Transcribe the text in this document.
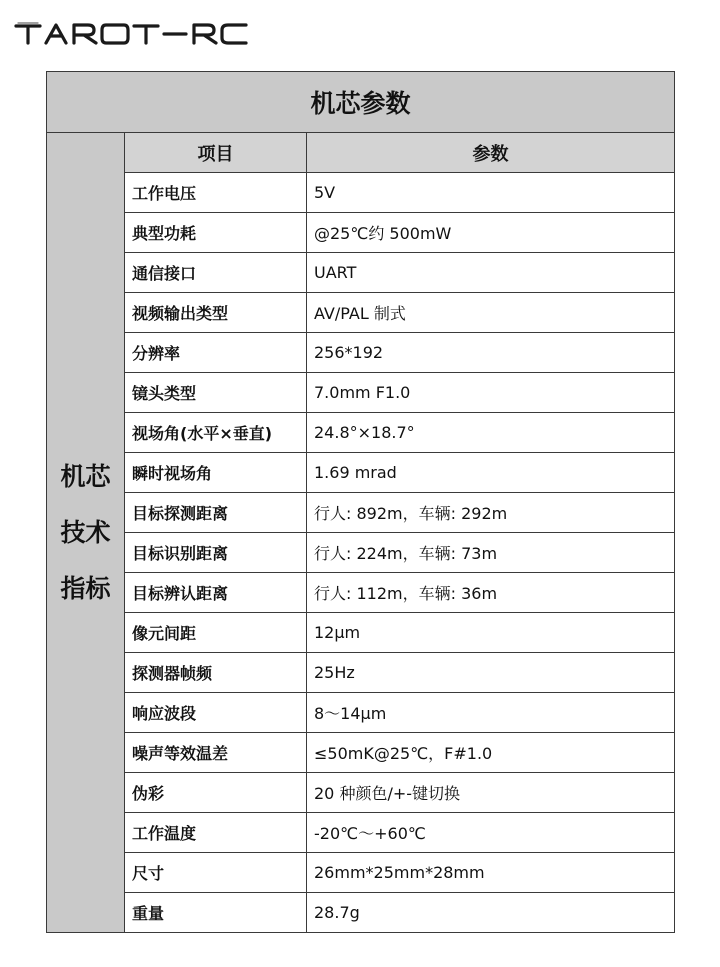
机芯参数		

机芯
技术
指标	项目	参数
	工作电压	5V
	典型功耗	@25℃约 500mW
	通信接口	UART
	视频输出类型	AV/PAL 制式
	分辨率	256*192
	镜头类型	7.0mm F1.0
	视场角(水平×垂直)	24.8°×18.7°
	瞬时视场角	1.69 mrad
	目标探测距离	行人: 892m，车辆: 292m
	目标识别距离	行人: 224m，车辆: 73m
	目标辨认距离	行人: 112m，车辆: 36m
	像元间距	12μm
	探测器帧频	25Hz
	响应波段	8～14μm
	噪声等效温差	≤50mK@25℃，F#1.0
	伪彩	20 种颜色/+-键切换
	工作温度	-20℃～+60℃
	尺寸	26mm*25mm*28mm
	重量	28.7g
